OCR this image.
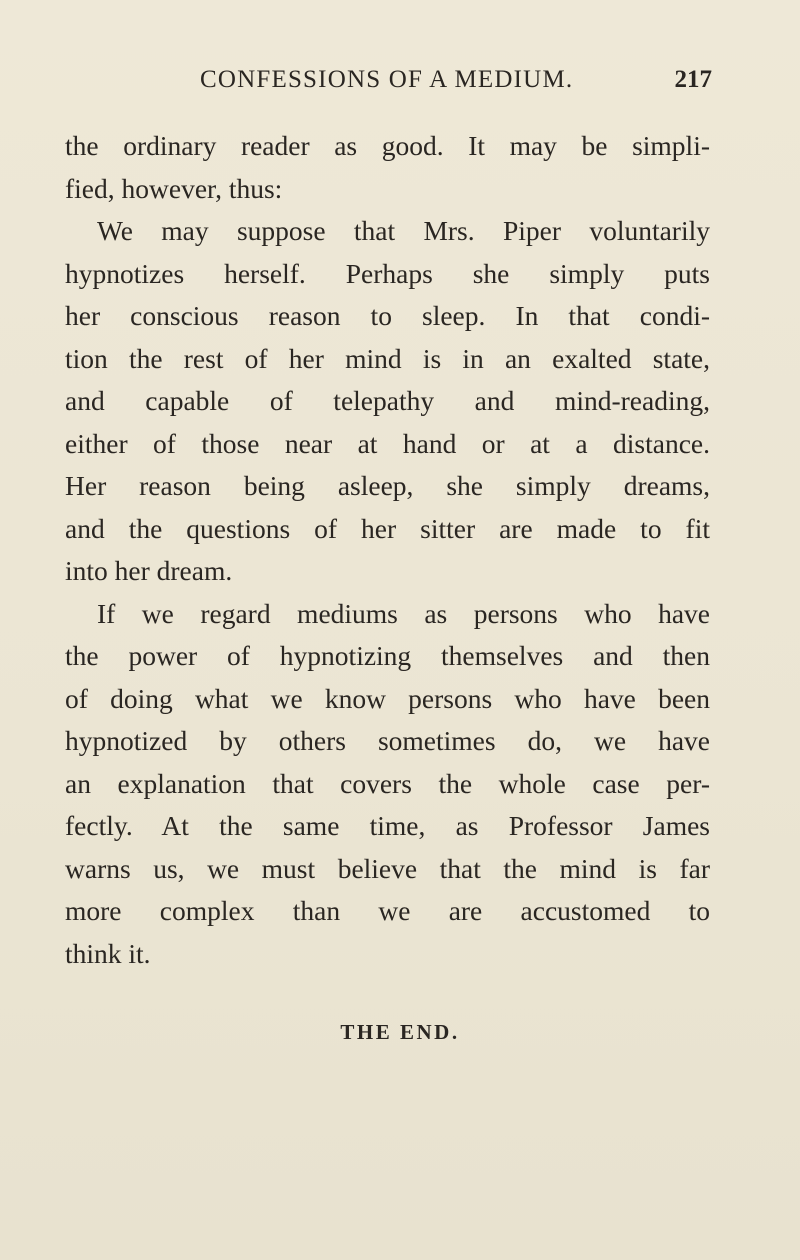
CONFESSIONS OF A MEDIUM.	217
the ordinary reader as good. It may be simpli-
fied, however, thus:
We may suppose that Mrs. Piper voluntarily
hypnotizes herself. Perhaps she simply puts
her conscious reason to sleep. In that condi-
tion the rest of her mind is in an exalted state,
and capable of telepathy and mind-reading,
either of those near at hand or at a distance.
Her reason being asleep, she simply dreams,
and the questions of her sitter are made to fit
into her dream.
If we regard mediums as persons who have
the power of hypnotizing themselves and then
of doing what we know persons who have been
hypnotized by others sometimes do, we have
an explanation that covers the whole case per-
fectly. At the same time, as Professor James
warns us, we must believe that the mind is far
more complex than we are accustomed to
think it.
THE END.
